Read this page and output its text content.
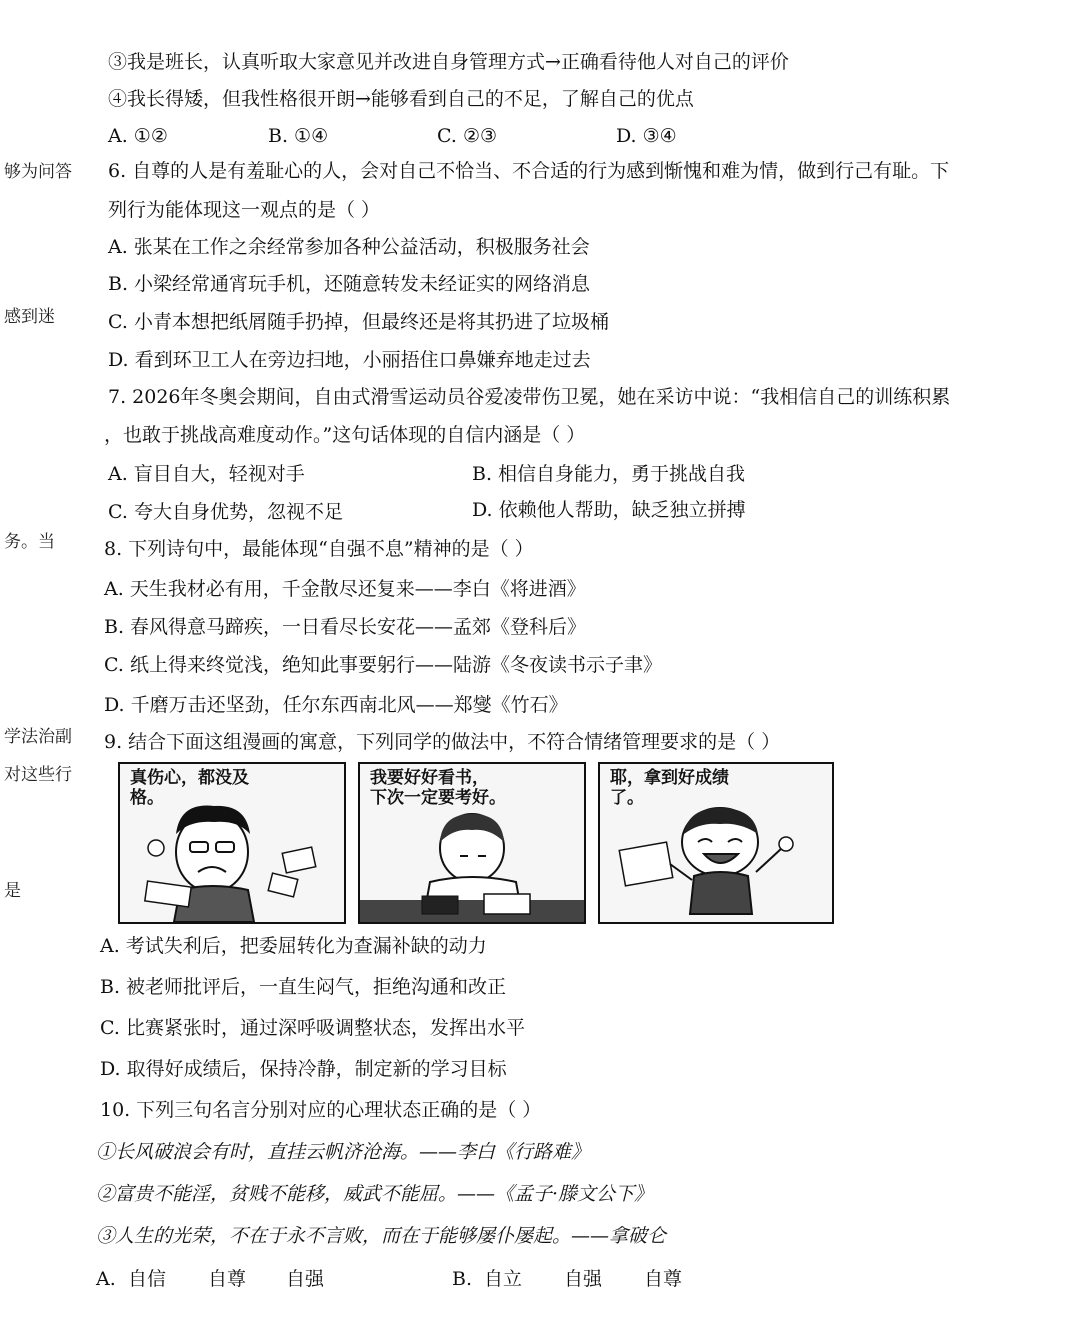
够为问答
感到迷
务。当
学法治副
对这些行
是
③我是班长，认真听取大家意见并改进自身管理方式→正确看待他人对自己的评价
④我长得矮，但我性格很开朗→能够看到自己的不足，了解自己的优点
A. ①②	B. ①④	C. ②③	D. ③④
6. 自尊的人是有羞耻心的人，会对自己不恰当、不合适的行为感到惭愧和难为情，做到行己有耻。下
列行为能体现这一观点的是（ ）
A. 张某在工作之余经常参加各种公益活动，积极服务社会
B. 小梁经常通宵玩手机，还随意转发未经证实的网络消息
C. 小青本想把纸屑随手扔掉，但最终还是将其扔进了垃圾桶
D. 看到环卫工人在旁边扫地，小丽捂住口鼻嫌弃地走过去
7. 2026年冬奥会期间，自由式滑雪运动员谷爱凌带伤卫冕，她在采访中说：“我相信自己的训练积累
，也敢于挑战高难度动作。”这句话体现的自信内涵是（ ）
A. 盲目自大，轻视对手	B. 相信自身能力，勇于挑战自我
C. 夸大自身优势，忽视不足	D. 依赖他人帮助，缺乏独立拼搏
8. 下列诗句中，最能体现“自强不息”精神的是（ ）
A. 天生我材必有用，千金散尽还复来——李白《将进酒》
B. 春风得意马蹄疾，一日看尽长安花——孟郊《登科后》
C. 纸上得来终觉浅，绝知此事要躬行——陆游《冬夜读书示子聿》
D. 千磨万击还坚劲，任尔东西南北风——郑燮《竹石》
9. 结合下面这组漫画的寓意，下列同学的做法中，不符合情绪管理要求的是（ ）
真伤心，都没及
格。
我要好好看书，
下次一定要考好。
耶，拿到好成绩
了。
A. 考试失利后，把委屈转化为查漏补缺的动力
B. 被老师批评后，一直生闷气，拒绝沟通和改正
C. 比赛紧张时，通过深呼吸调整状态，发挥出水平
D. 取得好成绩后，保持冷静，制定新的学习目标
10. 下列三句名言分别对应的心理状态正确的是（ ）
①长风破浪会有时，直挂云帆济沧海。——李白《行路难》
②富贵不能淫，贫贱不能移，威武不能屈。——《孟子·滕文公下》
③人生的光荣，不在于永不言败，而在于能够屡仆屡起。——拿破仑
A. 自信 自尊 自强	B. 自立 自强 自尊
